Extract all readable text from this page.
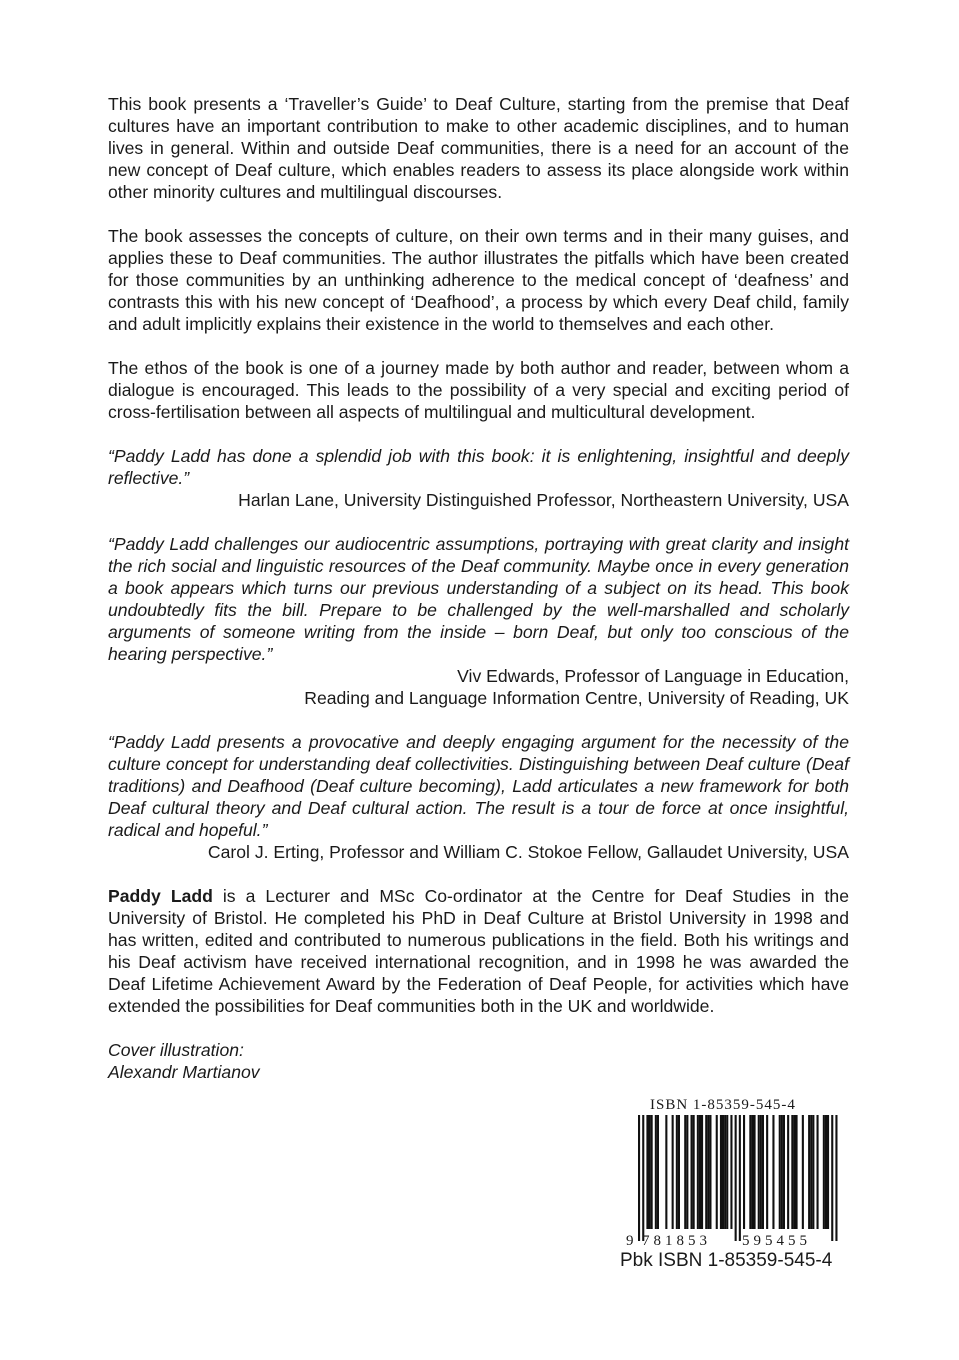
This book presents a ‘Traveller’s Guide’ to Deaf Culture, starting from the premise that Deaf cultures have an important contribution to make to other academic disciplines, and to human lives in general. Within and outside Deaf communities, there is a need for an account of the new concept of Deaf culture, which enables readers to assess its place alongside work within other minority cultures and multilingual discourses.

The book assesses the concepts of culture, on their own terms and in their many guises, and applies these to Deaf communities. The author illustrates the pitfalls which have been created for those communities by an unthinking adherence to the medical concept of ‘deafness’ and contrasts this with his new concept of ‘Deafhood’, a process by which every Deaf child, family and adult implicitly explains their existence in the world to themselves and each other.

The ethos of the book is one of a journey made by both author and reader, between whom a dialogue is encouraged. This leads to the possibility of a very special and exciting period of cross-fertilisation between all aspects of multilingual and multicultural development.

“Paddy Ladd has done a splendid job with this book: it is enlightening, insightful and deeply reflective.”

Harlan Lane, University Distinguished Professor, Northeastern University, USA

“Paddy Ladd challenges our audiocentric assumptions, portraying with great clarity and insight the rich social and linguistic resources of the Deaf community. Maybe once in every generation a book appears which turns our previous understanding of a subject on its head. This book undoubtedly fits the bill. Prepare to be challenged by the well-marshalled and scholarly arguments of someone writing from the inside – born Deaf, but only too conscious of the hearing perspective.”

Viv Edwards, Professor of Language in Education,
Reading and Language Information Centre, University of Reading, UK

“Paddy Ladd presents a provocative and deeply engaging argument for the necessity of the culture concept for understanding deaf collectivities. Distinguishing between Deaf culture (Deaf traditions) and Deafhood (Deaf culture becoming), Ladd articulates a new framework for both Deaf cultural theory and Deaf cultural action. The result is a tour de force at once insightful, radical and hopeful.”

Carol J. Erting, Professor and William C. Stokoe Fellow, Gallaudet University, USA

Paddy Ladd is a Lecturer and MSc Co-ordinator at the Centre for Deaf Studies in the University of Bristol. He completed his PhD in Deaf Culture at Bristol University in 1998 and has written, edited and contributed to numerous publications in the field. Both his writings and his Deaf activism have received international recognition, and in 1998 he was awarded the Deaf Lifetime Achievement Award by the Federation of Deaf People, for activities which have extended the possibilities for Deaf communities both in the UK and worldwide.

Cover illustration:
Alexandr Martianov

ISBN 1-85359-545-4
9 781853 595455
Pbk ISBN 1-85359-545-4
